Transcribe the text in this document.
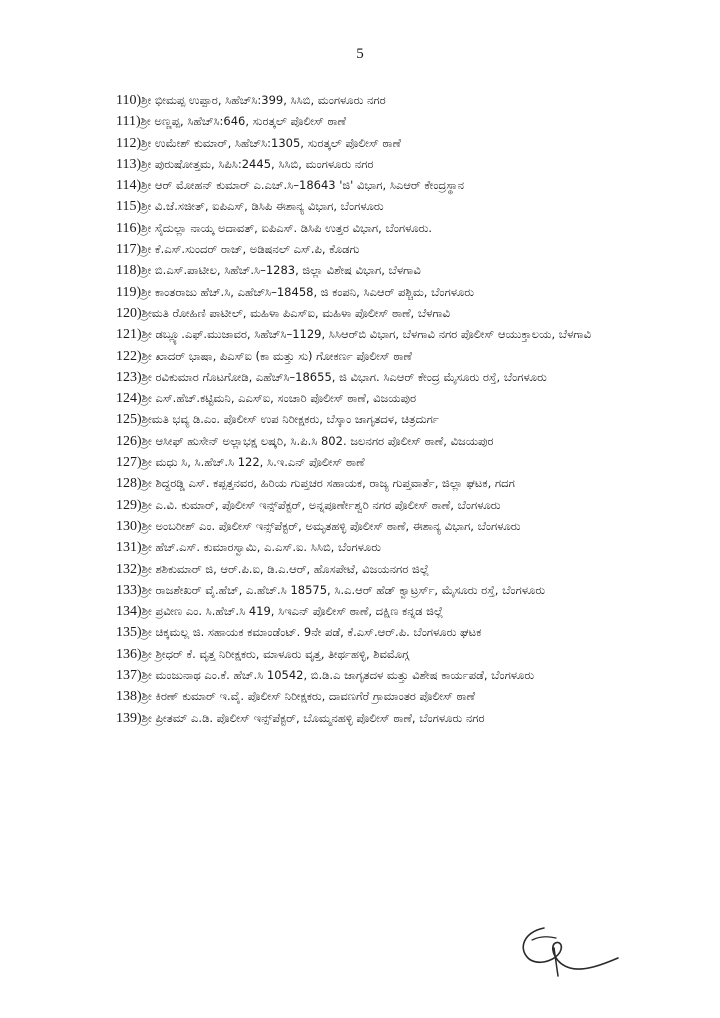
5
110) ಶ್ರೀ ಭೀಮಪ್ಪ ಉಪ್ಪಾರ, ಸಿಹೆಚ್‌ಸಿ:399, ಸಿಸಿಬಿ, ಮಂಗಳೂರು ನಗರ
111) ಶ್ರೀ ಅಣ್ಣಪ್ಪ, ಸಿಹೆಚ್‌ಸಿ:646, ಸುರತ್ಕಲ್ ಪೊಲೀಸ್ ಠಾಣೆ
112) ಶ್ರೀ ಉಮೇಶ್ ಕುಮಾರ್, ಸಿಹೆಚ್‌ಸಿ:1305, ಸುರತ್ಕಲ್ ಪೊಲೀಸ್ ಠಾಣೆ
113) ಶ್ರೀ ಪುರುಷೋತ್ತಮ, ಸಿಪಿಸಿ:2445, ಸಿಸಿಬಿ, ಮಂಗಳೂರು ನಗರ
114) ಶ್ರೀ ಆರ್ ಮೋಹನ್ ಕುಮಾರ್ ಎ.ಎಚ್.ಸಿ–18643 'ಜಿ' ವಿಭಾಗ, ಸಿಎಆರ್ ಕೇಂದ್ರಸ್ಥಾನ
115) ಶ್ರೀ ವಿ.ಜೆ.ಸಜೀತ್, ಐಪಿಎಸ್, ಡಿಸಿಪಿ ಈಶಾನ್ಯ ವಿಭಾಗ, ಬೆಂಗಳೂರು
116) ಶ್ರೀ ಸೈದುಲ್ಲಾ ನಾಯ್ಕ ಅದಾವತ್, ಐಪಿಎಸ್. ಡಿಸಿಪಿ ಉತ್ತರ ವಿಭಾಗ, ಬೆಂಗಳೂರು.
117) ಶ್ರೀ ಕೆ.ಎಸ್.ಸುಂದರ್ ರಾಜ್, ಅಡಿಷನಲ್ ಎಸ್.ಪಿ, ಕೊಡಗು
118) ಶ್ರೀ ಬಿ.ಎಸ್.ಪಾಟೀಲ, ಸಿಹೆಚ್.ಸಿ–1283, ಜಿಲ್ಲಾ ವಿಶೇಷ ವಿಭಾಗ, ಬೆಳಗಾವಿ
119) ಶ್ರೀ ಕಾಂತರಾಜು ಹೆಚ್.ಸಿ, ಎಹೆಚ್‌ಸಿ–18458, ಜಿ ಕಂಪನಿ, ಸಿಎಆರ್ ಪಶ್ಚಿಮ, ಬೆಂಗಳೂರು
120) ಶ್ರೀಮತಿ ರೋಹಿಣಿ ಪಾಟೀಲ್, ಮಹಿಳಾ ಪಿಎಸ್‌ಐ, ಮಹಿಳಾ ಪೊಲೀಸ್ ಠಾಣೆ, ಬೆಳಗಾವಿ
121) ಶ್ರೀ ಡಬ್ಲ್ಯೂ.ಎಫ್.ಮುಜಾವರ, ಸಿಹೆಚ್‌ಸಿ–1129, ಸಿಸಿಆರ್‌ಬಿ ವಿಭಾಗ, ಬೆಳಗಾವಿ ನಗರ ಪೊಲೀಸ್ ಆಯುಕ್ತಾಲಯ, ಬೆಳಗಾವಿ
122) ಶ್ರೀ ಖಾದರ್ ಭಾಷಾ, ಪಿಎಸ್‌ಐ (ಕಾ ಮತ್ತು ಸು) ಗೋಕರ್ಣ ಪೊಲೀಸ್ ಠಾಣೆ
123) ಶ್ರೀ ರವಿಕುಮಾರ ಗೊಟಗೋಡಿ, ಎಹೆಚ್‌ಸಿ–18655, ಜಿ ವಿಭಾಗ. ಸಿಎಆರ್ ಕೇಂದ್ರ ಮೈಸೂರು ರಸ್ತೆ, ಬೆಂಗಳೂರು
124) ಶ್ರೀ ಎಸ್.ಹೆಚ್.ಕಟ್ಟಿಮನಿ, ಎಎಸ್‌ಐ, ಸಂಚಾರಿ ಪೊಲೀಸ್ ಠಾಣೆ, ವಿಜಯಪುರ
125) ಶ್ರೀಮತಿ ಭವ್ಯ ಡಿ.ಎಂ. ಪೊಲೀಸ್ ಉಪ ನಿರೀಕ್ಷಕರು, ಬೆಸ್ಕಾಂ ಜಾಗೃತದಳ, ಚಿತ್ರದುರ್ಗ
126) ಶ್ರೀ ಆಸೀಫ್ ಹುಸೇನ್ ಅಲ್ಲಾಭಕ್ಷ ಲಷ್ಕರಿ, ಸಿ.ಪಿ.ಸಿ 802. ಜಲನಗರ ಪೊಲೀಸ್ ಠಾಣೆ, ವಿಜಯಪುರ
127) ಶ್ರೀ ಮಧು ಸಿ, ಸಿ.ಹೆಚ್.ಸಿ 122, ಸಿ.ಇ.ಎನ್ ಪೊಲೀಸ್ ಠಾಣೆ
128) ಶ್ರೀ ಶಿದ್ದರಡ್ಡಿ ಎಸ್. ಕಪ್ಪತ್ತನವರ, ಹಿರಿಯ ಗುಪ್ತಚರ ಸಹಾಯಕ, ರಾಜ್ಯ ಗುಪ್ತವಾರ್ತೆ, ಜಿಲ್ಲಾ ಘಟಕ, ಗದಗ
129) ಶ್ರೀ ಎ.ವಿ. ಕುಮಾರ್, ಪೊಲೀಸ್ ಇನ್ಸ್‌ಪೆಕ್ಟರ್, ಅನ್ನಪೂರ್ಣೇಶ್ವರಿ ನಗರ ಪೊಲೀಸ್ ಠಾಣೆ, ಬೆಂಗಳೂರು
130) ಶ್ರೀ ಅಂಬರೀಶ್ ಎಂ. ಪೊಲೀಸ್ ಇನ್ಸ್‌ಪೆಕ್ಟರ್, ಅಮೃತಹಳ್ಳಿ ಪೊಲೀಸ್ ಠಾಣೆ, ಈಶಾನ್ಯ ವಿಭಾಗ, ಬೆಂಗಳೂರು
131) ಶ್ರೀ ಹೆಚ್.ಎಸ್. ಕುಮಾರಸ್ವಾಮಿ, ಎ.ಎಸ್.ಐ. ಸಿಸಿಬಿ, ಬೆಂಗಳೂರು
132) ಶ್ರೀ ಶಶಿಕುಮಾರ್ ಜಿ, ಆರ್.ಪಿ.ಐ, ಡಿ.ಎ.ಆರ್, ಹೊಸಪೇಟೆ, ವಿಜಯನಗರ ಜಿಲ್ಲೆ
133) ಶ್ರೀ ರಾಜಶೇಖರ್ ವೈ.ಹೆಚ್, ಎ.ಹೆಚ್.ಸಿ 18575, ಸಿ.ಎ.ಆರ್ ಹೆಡ್ ಕ್ವಾಟ್ರರ್ಸ್, ಮೈಸೂರು ರಸ್ತೆ, ಬೆಂಗಳೂರು
134) ಶ್ರೀ ಪ್ರವೀಣ ಎಂ. ಸಿ.ಹೆಚ್.ಸಿ 419, ಸಿಇಎನ್ ಪೊಲೀಸ್ ಠಾಣೆ, ದಕ್ಷಿಣ ಕನ್ನಡ ಜಿಲ್ಲೆ
135) ಶ್ರೀ ಚಿಕ್ಕಮಲ್ಲ ಜಿ. ಸಹಾಯಕ ಕಮಾಂಡೆಂಟ್. 9ನೇ ಪಡೆ, ಕೆ.ಎಸ್.ಆರ್.ಪಿ. ಬೆಂಗಳೂರು ಘಟಕ
136) ಶ್ರೀ ಶ್ರೀಧರ್ ಕೆ. ವೃತ್ತ ನಿರೀಕ್ಷಕರು, ಮಾಳೂರು ವೃತ್ತ, ತೀರ್ಥಹಳ್ಳಿ, ಶಿವಮೊಗ್ಗ
137) ಶ್ರೀ ಮಂಜುನಾಥ ಎಂ.ಕೆ. ಹೆಚ್.ಸಿ 10542, ಬಿ.ಡಿ.ಎ ಜಾಗೃತದಳ ಮತ್ತು ವಿಶೇಷ ಕಾರ್ಯಪಡೆ, ಬೆಂಗಳೂರು
138) ಶ್ರೀ ಕಿರಣ್ ಕುಮಾರ್ ಇ.ವೈ. ಪೊಲೀಸ್ ನಿರೀಕ್ಷಕರು, ದಾವಣಗೆರೆ ಗ್ರಾಮಾಂತರ ಪೊಲೀಸ್ ಠಾಣೆ
139) ಶ್ರೀ ಪ್ರೀತಮ್ ಎ.ಡಿ. ಪೊಲೀಸ್ ಇನ್ಸ್‌ಪೆಕ್ಟರ್, ಬೊಮ್ಮನಹಳ್ಳಿ ಪೊಲೀಸ್ ಠಾಣೆ, ಬೆಂಗಳೂರು ನಗರ
